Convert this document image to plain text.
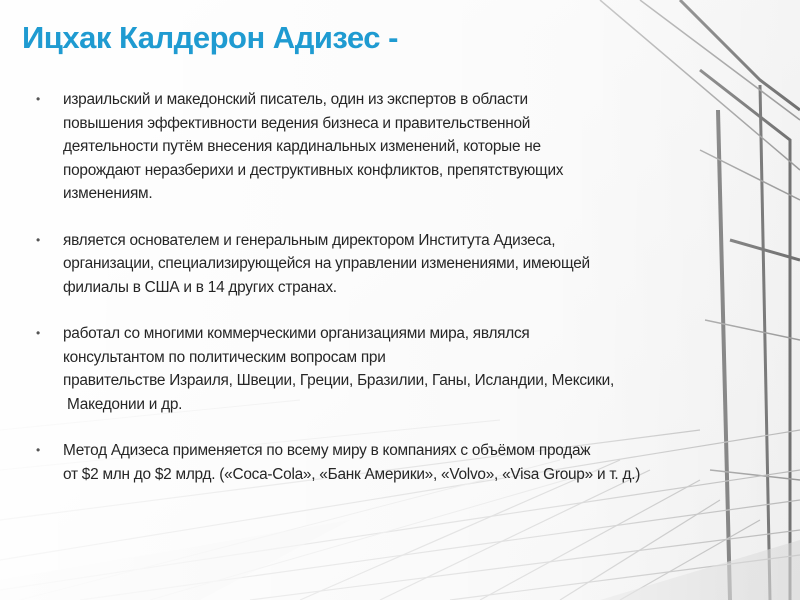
Ицхак Калдерон Адизес -
• израильский и македонский писатель, один из экспертов в области
повышения эффективности ведения бизнеса и правительственной
деятельности путём внесения кардинальных изменений, которые не
порождают неразберихи и деструктивных конфликтов, препятствующих
изменениям.
• является основателем и генеральным директором Института Адизеса,
организации, специализирующейся на управлении изменениями, имеющей
филиалы в США и в 14 других странах.
• работал со многими коммерческими организациями мира, являлся
консультантом по политическим вопросам при
правительстве Израиля, Швеции, Греции, Бразилии, Ганы, Исландии, Мексики,
Македонии и др.
• Метод Адизеса применяется по всему миру в компаниях с объёмом продаж
от $2 млн до $2 млрд. («Coca-Cola», «Банк Америки», «Volvo», «Visa Group» и т. д.)
